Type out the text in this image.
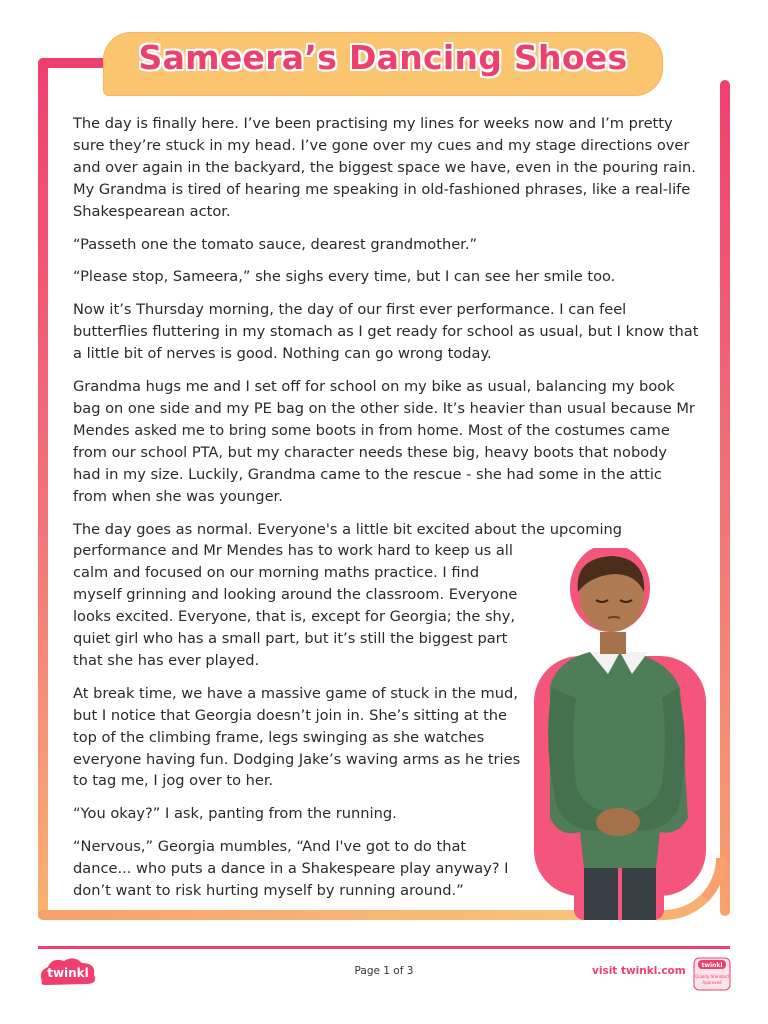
Sameera’s Dancing Shoes

The day is finally here. I’ve been practising my lines for weeks now and I’m pretty sure they’re stuck in my head. I’ve gone over my cues and my stage directions over and over again in the backyard, the biggest space we have, even in the pouring rain. My Grandma is tired of hearing me speaking in old-fashioned phrases, like a real-life Shakespearean actor.

“Passeth one the tomato sauce, dearest grandmother.”

“Please stop, Sameera,” she sighs every time, but I can see her smile too.

Now it’s Thursday morning, the day of our first ever performance. I can feel butterflies fluttering in my stomach as I get ready for school as usual, but I know that a little bit of nerves is good. Nothing can go wrong today.

Grandma hugs me and I set off for school on my bike as usual, balancing my book bag on one side and my PE bag on the other side. It’s heavier than usual because Mr Mendes asked me to bring some boots in from home. Most of the costumes came from our school PTA, but my character needs these big, heavy boots that nobody had in my size. Luckily, Grandma came to the rescue - she had some in the attic from when she was younger.

The day goes as normal. Everyone's a little bit excited about the upcoming
performance and Mr Mendes has to work hard to keep us all calm and focused on our morning maths practice. I find myself grinning and looking around the classroom. Everyone looks excited. Everyone, that is, except for Georgia; the shy, quiet girl who has a small part, but it’s still the biggest part that she has ever played.

At break time, we have a massive game of stuck in the mud, but I notice that Georgia doesn’t join in. She’s sitting at the top of the climbing frame, legs swinging as she watches everyone having fun. Dodging Jake’s waving arms as he tries to tag me, I jog over to her.

“You okay?” I ask, panting from the running.

“Nervous,” Georgia mumbles, “And I've got to do that dance... who puts a dance in a Shakespeare play anyway? I don’t want to risk hurting myself by running around.”

twinkl	Page 1 of 3	visit twinkl.com	twinkl
Quality Standard
Approved
